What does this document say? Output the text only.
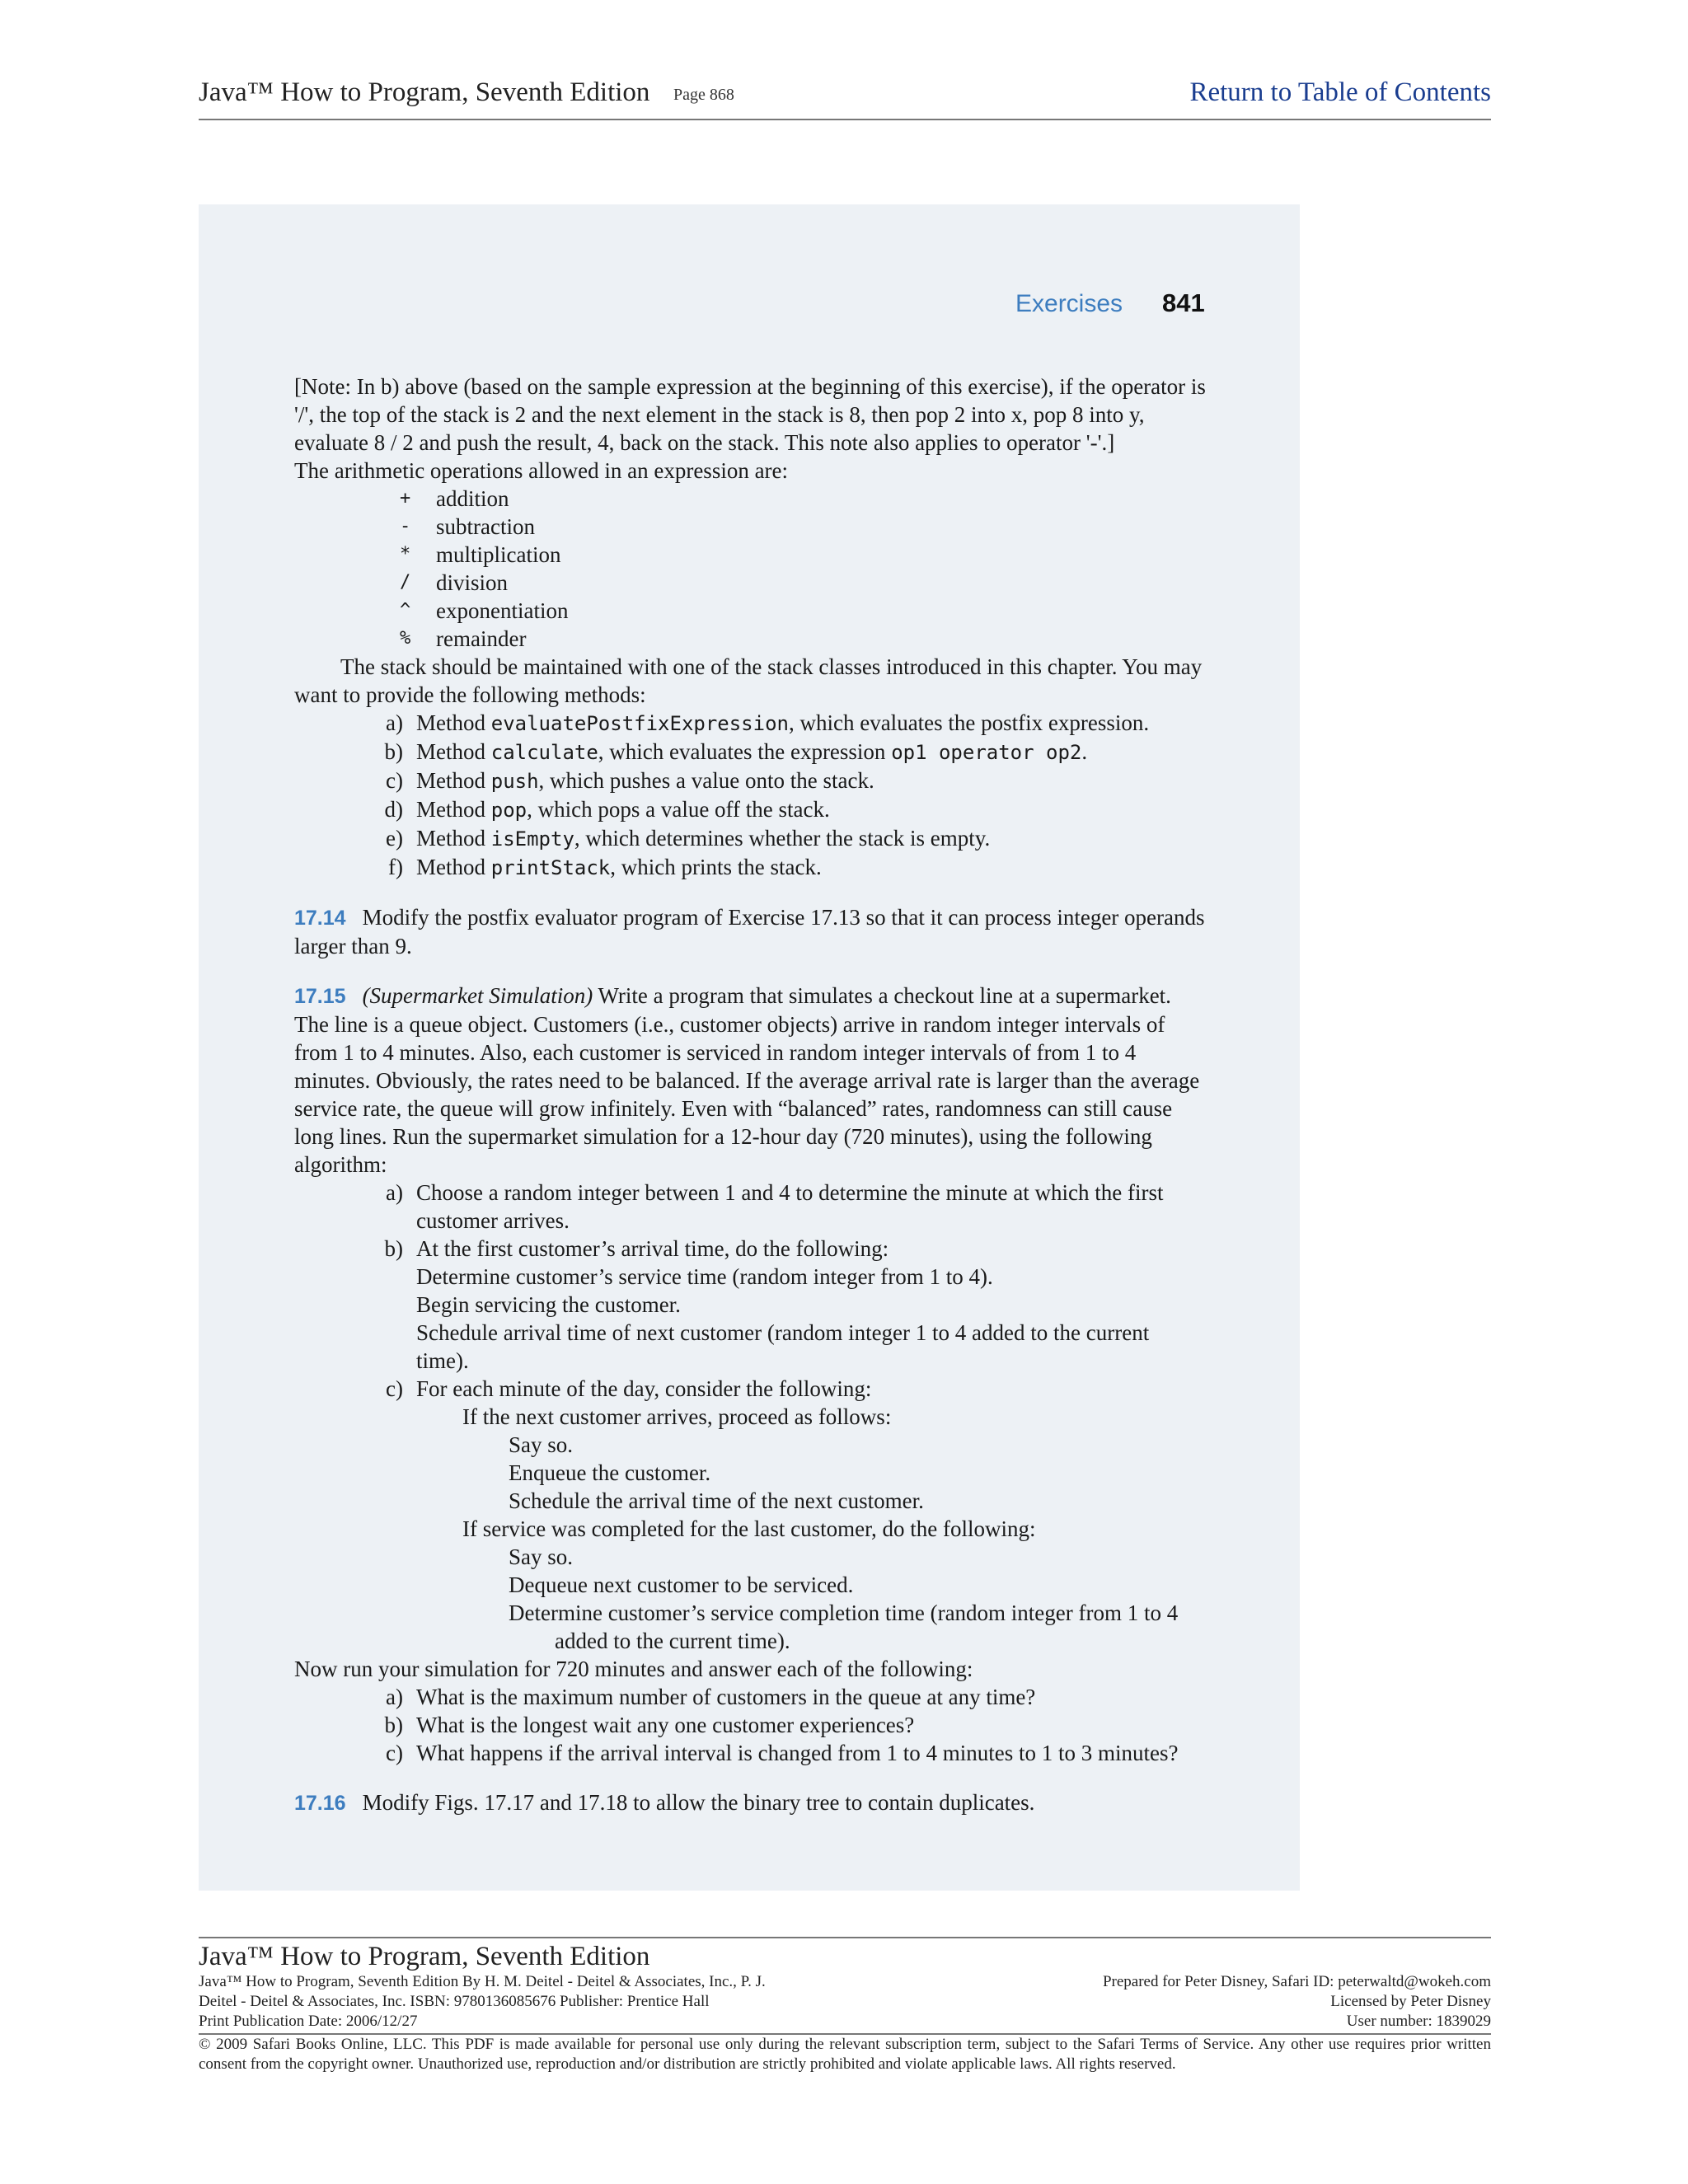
Java™ How to Program, Seventh Edition Page 868	Return to Table of Contents
Exercises 841

[Note: In b) above (based on the sample expression at the beginning of this exercise), if the operator is '/', the top of the stack is 2 and the next element in the stack is 8, then pop 2 into x, pop 8 into y, evaluate 8 / 2 and push the result, 4, back on the stack. This note also applies to operator '-'.]

The arithmetic operations allowed in an expression are:

+	addition
-	subtraction
*	multiplication
/	division
^	exponentiation
%	remainder

The stack should be maintained with one of the stack classes introduced in this chapter. You may want to provide the following methods:

a) Method evaluatePostfixExpression, which evaluates the postfix expression.
b) Method calculate, which evaluates the expression op1 operator op2.
c) Method push, which pushes a value onto the stack.
d) Method pop, which pops a value off the stack.
e) Method isEmpty, which determines whether the stack is empty.
f) Method printStack, which prints the stack.

17.14 Modify the postfix evaluator program of Exercise 17.13 so that it can process integer operands larger than 9.

17.15 (Supermarket Simulation) Write a program that simulates a checkout line at a supermarket. The line is a queue object. Customers (i.e., customer objects) arrive in random integer intervals of from 1 to 4 minutes. Also, each customer is serviced in random integer intervals of from 1 to 4 minutes. Obviously, the rates need to be balanced. If the average arrival rate is larger than the average service rate, the queue will grow infinitely. Even with “balanced” rates, randomness can still cause long lines. Run the supermarket simulation for a 12-hour day (720 minutes), using the following algorithm:

a) Choose a random integer between 1 and 4 to determine the minute at which the first customer arrives.
b) At the first customer’s arrival time, do the following:
Determine customer’s service time (random integer from 1 to 4).
Begin servicing the customer.
Schedule arrival time of next customer (random integer 1 to 4 added to the current time).
c) For each minute of the day, consider the following:
If the next customer arrives, proceed as follows:
Say so.
Enqueue the customer.
Schedule the arrival time of the next customer.
If service was completed for the last customer, do the following:
Say so.
Dequeue next customer to be serviced.
Determine customer’s service completion time (random integer from 1 to 4
added to the current time).

Now run your simulation for 720 minutes and answer each of the following:

a) What is the maximum number of customers in the queue at any time?
b) What is the longest wait any one customer experiences?
c) What happens if the arrival interval is changed from 1 to 4 minutes to 1 to 3 minutes?

17.16 Modify Figs. 17.17 and 17.18 to allow the binary tree to contain duplicates.

Java™ How to Program, Seventh Edition
Java™ How to Program, Seventh Edition By H. M. Deitel - Deitel & Associates, Inc., P. J.	Prepared for Peter Disney, Safari ID: peterwaltd@wokeh.com
Deitel - Deitel & Associates, Inc. ISBN: 9780136085676 Publisher: Prentice Hall	Licensed by Peter Disney
Print Publication Date: 2006/12/27	User number: 1839029
© 2009 Safari Books Online, LLC. This PDF is made available for personal use only during the relevant subscription term, subject to the Safari Terms of Service. Any other use requires prior written consent from the copyright owner. Unauthorized use, reproduction and/or distribution are strictly prohibited and violate applicable laws. All rights reserved.
